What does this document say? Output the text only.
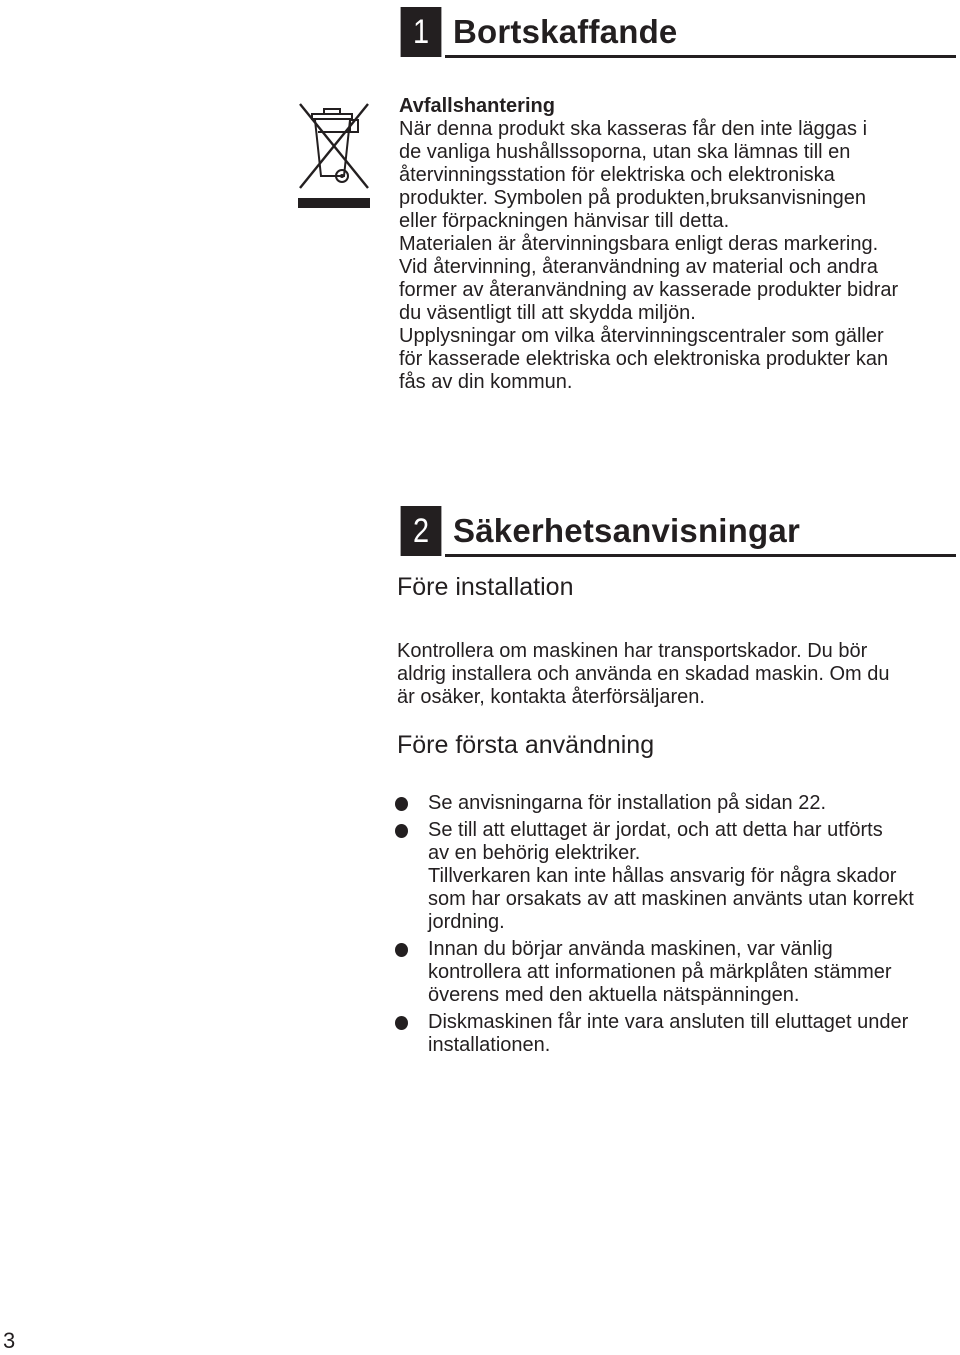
1 Bortskaffande

Avfallshantering

När denna produkt ska kasseras får den inte läggas i

de vanliga hushållssoporna, utan ska lämnas till en

återvinningsstation för elektriska och elektroniska

produkter. Symbolen på produkten,bruksanvisningen

eller förpackningen hänvisar till detta.

Materialen är återvinningsbara enligt deras markering.

Vid återvinning, återanvändning av material och andra

former av återanvändning av kasserade produkter bidrar

du väsentligt till att skydda miljön.

Upplysningar om vilka återvinningscentraler som gäller

för kasserade elektriska och elektroniska produkter kan

fås av din kommun.

2 Säkerhetsanvisningar
Före installation

Kontrollera om maskinen har transportskador. Du bör

aldrig installera och använda en skadad maskin. Om du

är osäker, kontakta återförsäljaren.

Före första användning
Se anvisningarna för installation på sidan 22.
Se till att eluttaget är jordat, och att detta har utförts
av en behörig elektriker.
Tillverkaren kan inte hållas ansvarig för några skador
som har orsakats av att maskinen använts utan korrekt
jordning.
Innan du börjar använda maskinen, var vänlig
kontrollera att informationen på märkplåten stämmer
överens med den aktuella nätspänningen.
Diskmaskinen får inte vara ansluten till eluttaget under
installationen.
3
